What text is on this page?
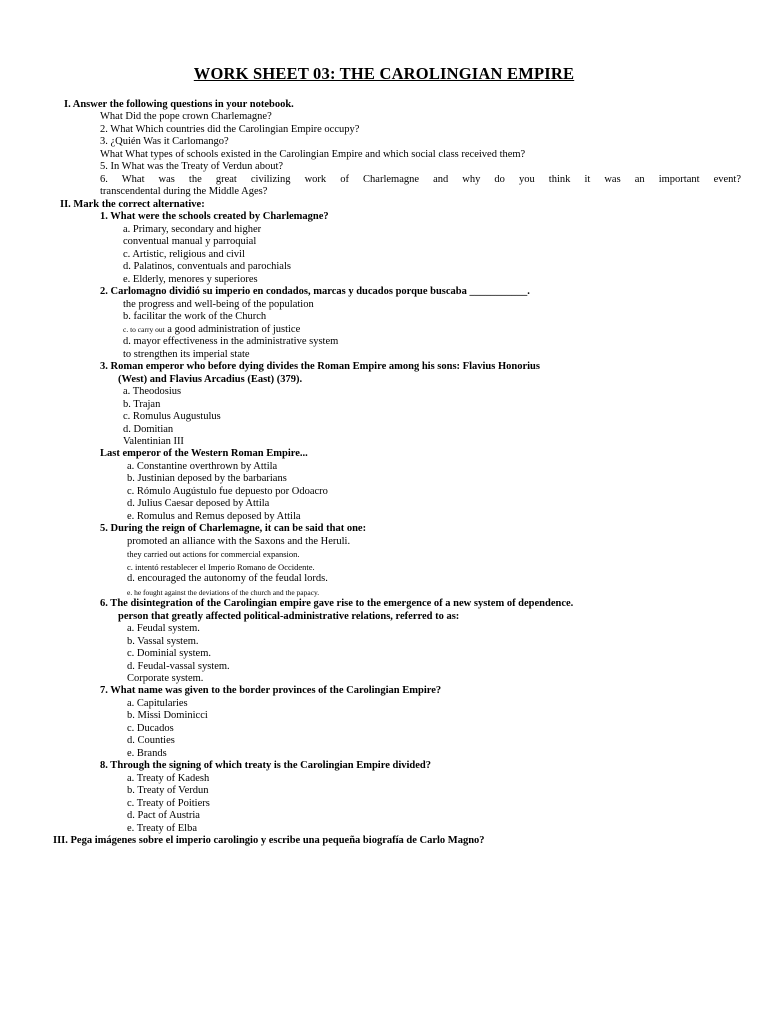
WORK SHEET 03: THE CAROLINGIAN EMPIRE
I. Answer the following questions in your notebook.
What Did the pope crown Charlemagne?
2. What Which countries did the Carolingian Empire occupy?
3. ¿Quién Was it Carlomango?
What What types of schools existed in the Carolingian Empire and which social class received them?
5. In What was the Treaty of Verdun about?
6. What was the great civilizing work of Charlemagne and why do you think it was an important event?
transcendental during the Middle Ages?
II. Mark the correct alternative:
1. What were the schools created by Charlemagne?
a. Primary, secondary and higher
conventual manual y parroquial
c. Artistic, religious and civil
d. Palatinos, conventuals and parochials
e. Elderly, menores y superiores
2. Carlomagno dividió su imperio en condados, marcas y ducados porque buscaba ___________.
the progress and well-being of the population
b. facilitar the work of the Church
c. to carry out a good administration of justice
d. mayor effectiveness in the administrative system
to strengthen its imperial state
3. Roman emperor who before dying divides the Roman Empire among his sons: Flavius Honorius
(West) and Flavius Arcadius (East) (379).
a. Theodosius
b. Trajan
c. Romulus Augustulus
d. Domitian
Valentinian III
Last emperor of the Western Roman Empire...
a. Constantine overthrown by Attila
b. Justinian deposed by the barbarians
c. Rómulo Augústulo fue depuesto por Odoacro
d. Julius Caesar deposed by Attila
e. Romulus and Remus deposed by Attila
5. During the reign of Charlemagne, it can be said that one:
promoted an alliance with the Saxons and the Heruli.
they carried out actions for commercial expansion.
c. intentó restablecer el Imperio Romano de Occidente.
d. encouraged the autonomy of the feudal lords.
e. he fought against the deviations of the church and the papacy.
6. The disintegration of the Carolingian empire gave rise to the emergence of a new system of dependence.
person that greatly affected political-administrative relations, referred to as:
a. Feudal system.
b. Vassal system.
c. Dominial system.
d. Feudal-vassal system.
Corporate system.
7. What name was given to the border provinces of the Carolingian Empire?
a. Capitularies
b. Missi Dominicci
c. Ducados
d. Counties
e. Brands
8. Through the signing of which treaty is the Carolingian Empire divided?
a. Treaty of Kadesh
b. Treaty of Verdun
c. Treaty of Poitiers
d. Pact of Austria
e. Treaty of Elba
III. Pega imágenes sobre el imperio carolingio y escribe una pequeña biografía de Carlo Magno?
